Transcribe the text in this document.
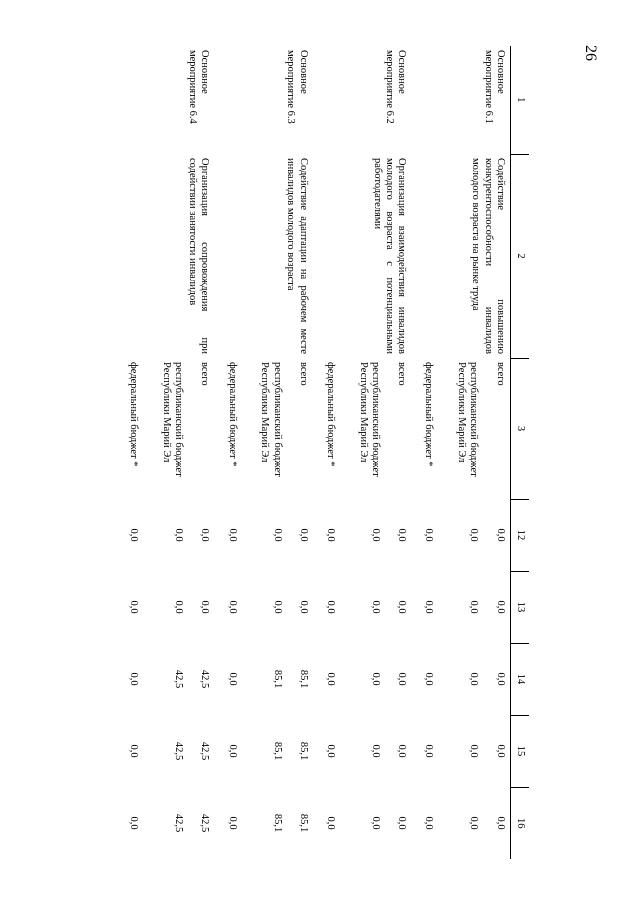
26
1	2	3	12	13	14	15	16
Основное мероприятие 6.1	Содействие повышению конкурентоспособности инвалидов молодого возраста на рынке труда	всего	0,0	0,0	0,0	0,0	0,0
		республиканский бюджет Республики Марий Эл	0,0	0,0	0,0	0,0	0,0
		федеральный бюджет *	0,0	0,0	0,0	0,0	0,0
Основное мероприятие 6.2	Организация взаимодействия инвалидов молодого возраста с потенциальными работодателями	всего	0,0	0,0	0,0	0,0	0,0
		республиканский бюджет Республики Марий Эл	0,0	0,0	0,0	0,0	0,0
		федеральный бюджет *	0,0	0,0	0,0	0,0	0,0
Основное мероприятие 6.3	Содействие адаптации на рабочем месте инвалидов молодого возраста	всего	0,0	0,0	85,1	85,1	85,1
		республиканский бюджет Республики Марий Эл	0,0	0,0	85,1	85,1	85,1
		федеральный бюджет *	0,0	0,0	0,0	0,0	0,0
Основное мероприятие 6.4	Организация сопровождения при содействии занятости инвалидов	всего	0,0	0,0	42,5	42,5	42,5
		республиканский бюджет Республики Марий Эл	0,0	0,0	42,5	42,5	42,5
		федеральный бюджет *	0,0	0,0	0,0	0,0	0,0
